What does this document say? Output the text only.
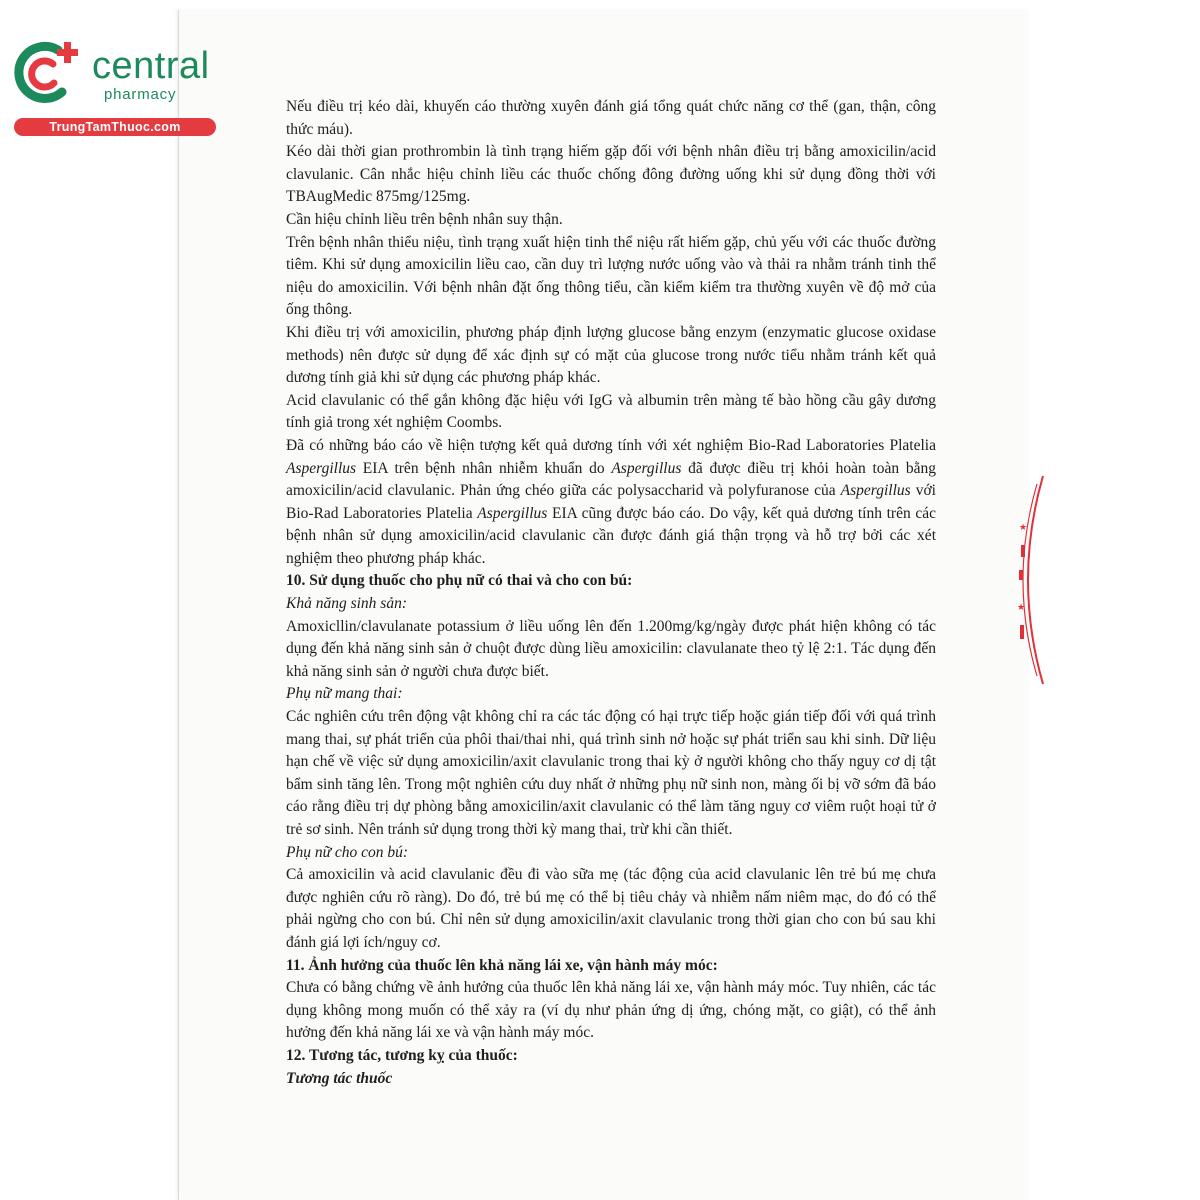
central
pharmacy
TrungTamThuoc.com

Nếu điều trị kéo dài, khuyến cáo thường xuyên đánh giá tổng quát chức năng cơ thể (gan, thận, công thức máu).

Kéo dài thời gian prothrombin là tình trạng hiếm gặp đối với bệnh nhân điều trị bằng amoxicilin/acid clavulanic. Cân nhắc hiệu chỉnh liều các thuốc chống đông đường uống khi sử dụng đồng thời với TBAugMedic 875mg/125mg.

Cần hiệu chỉnh liều trên bệnh nhân suy thận.

Trên bệnh nhân thiểu niệu, tình trạng xuất hiện tinh thể niệu rất hiếm gặp, chủ yếu với các thuốc đường tiêm. Khi sử dụng amoxicilin liều cao, cần duy trì lượng nước uống vào và thải ra nhằm tránh tinh thể niệu do amoxicilin. Với bệnh nhân đặt ống thông tiểu, cần kiểm kiểm tra thường xuyên về độ mở của ống thông.

Khi điều trị với amoxicilin, phương pháp định lượng glucose bằng enzym (enzymatic glucose oxidase methods) nên được sử dụng để xác định sự có mặt của glucose trong nước tiểu nhằm tránh kết quả dương tính giả khi sử dụng các phương pháp khác.

Acid clavulanic có thể gắn không đặc hiệu với IgG và albumin trên màng tế bào hồng cầu gây dương tính giả trong xét nghiệm Coombs.

Đã có những báo cáo về hiện tượng kết quả dương tính với xét nghiệm Bio-Rad Laboratories Platelia Aspergillus EIA trên bệnh nhân nhiễm khuẩn do Aspergillus đã được điều trị khỏi hoàn toàn bằng amoxicilin/acid clavulanic. Phản ứng chéo giữa các polysaccharid và polyfuranose của Aspergillus với Bio-Rad Laboratories Platelia Aspergillus EIA cũng được báo cáo. Do vậy, kết quả dương tính trên các bệnh nhân sử dụng amoxicilin/acid clavulanic cần được đánh giá thận trọng và hỗ trợ bởi các xét nghiệm theo phương pháp khác.

10. Sử dụng thuốc cho phụ nữ có thai và cho con bú:

Khả năng sinh sản:

Amoxicllin/clavulanate potassium ở liều uống lên đến 1.200mg/kg/ngày được phát hiện không có tác dụng đến khả năng sinh sản ở chuột được dùng liều amoxicilin: clavulanate theo tỷ lệ 2:1. Tác dụng đến khả năng sinh sản ở người chưa được biết.

Phụ nữ mang thai:

Các nghiên cứu trên động vật không chỉ ra các tác động có hại trực tiếp hoặc gián tiếp đối với quá trình mang thai, sự phát triển của phôi thai/thai nhi, quá trình sinh nở hoặc sự phát triển sau khi sinh. Dữ liệu hạn chế về việc sử dụng amoxicilin/axit clavulanic trong thai kỳ ở người không cho thấy nguy cơ dị tật bẩm sinh tăng lên. Trong một nghiên cứu duy nhất ở những phụ nữ sinh non, màng ối bị vỡ sớm đã báo cáo rằng điều trị dự phòng bằng amoxicilin/axit clavulanic có thể làm tăng nguy cơ viêm ruột hoại tử ở trẻ sơ sinh. Nên tránh sử dụng trong thời kỳ mang thai, trừ khi cần thiết.

Phụ nữ cho con bú:

Cả amoxicilin và acid clavulanic đều đi vào sữa mẹ (tác động của acid clavulanic lên trẻ bú mẹ chưa được nghiên cứu rõ ràng). Do đó, trẻ bú mẹ có thể bị tiêu chảy và nhiễm nấm niêm mạc, do đó có thể phải ngừng cho con bú. Chỉ nên sử dụng amoxicilin/axit clavulanic trong thời gian cho con bú sau khi đánh giá lợi ích/nguy cơ.

11. Ảnh hưởng của thuốc lên khả năng lái xe, vận hành máy móc:

Chưa có bằng chứng về ảnh hưởng của thuốc lên khả năng lái xe, vận hành máy móc. Tuy nhiên, các tác dụng không mong muốn có thể xảy ra (ví dụ như phản ứng dị ứng, chóng mặt, co giật), có thể ảnh hưởng đến khả năng lái xe và vận hành máy móc.

12. Tương tác, tương kỵ của thuốc:

Tương tác thuốc

★
★
